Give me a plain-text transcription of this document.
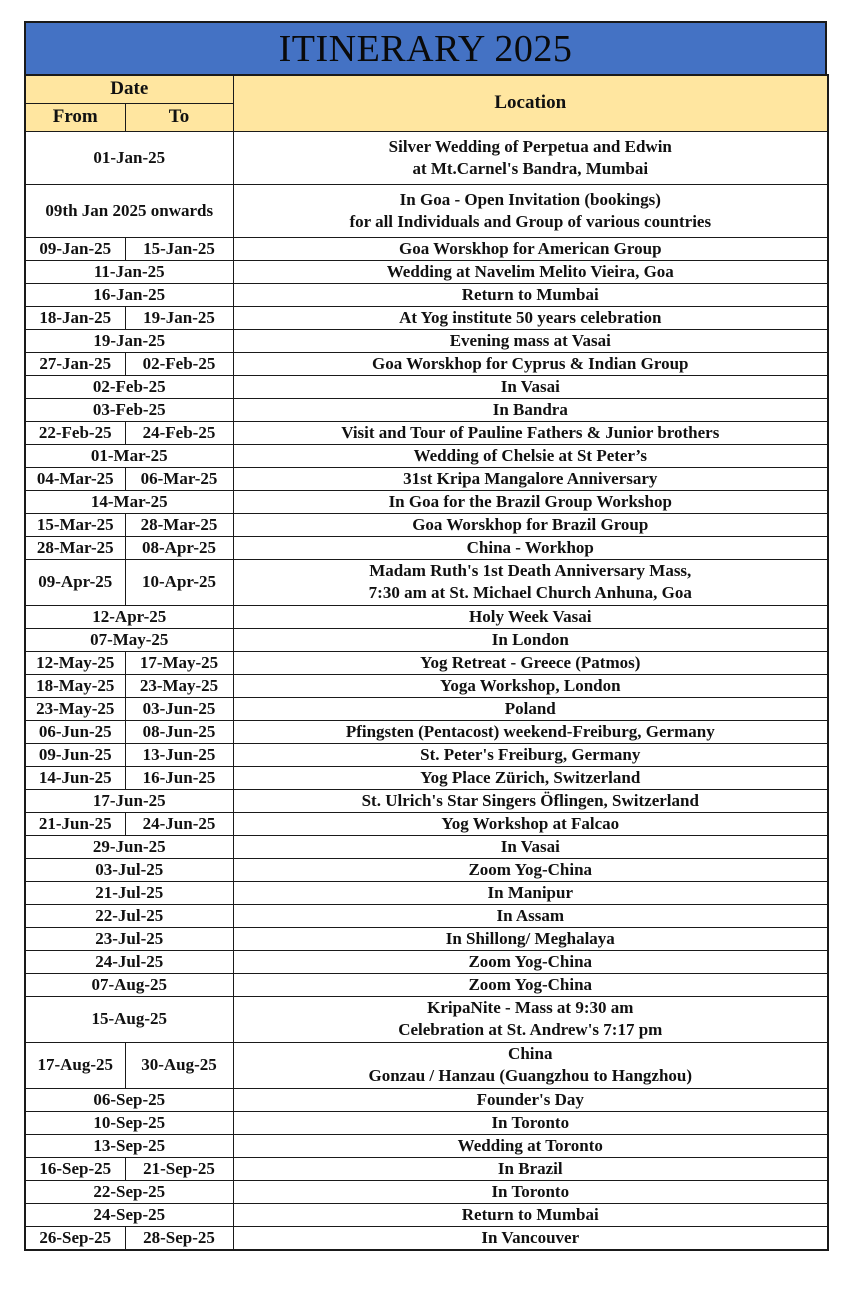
ITINERARY 2025
Date		Location
From	To	
01-Jan-25		Silver Wedding of Perpetua and Edwin
at Mt.Carnel's Bandra, Mumbai

09th Jan 2025 onwards		In Goa - Open Invitation (bookings)
for all Individuals and Group of various countries

09-Jan-25	15-Jan-25	Goa Worskhop for American Group

11-Jan-25		Wedding at Navelim Melito Vieira, Goa

16-Jan-25		Return to Mumbai

18-Jan-25	19-Jan-25	At Yog institute 50 years celebration

19-Jan-25		Evening mass at Vasai

27-Jan-25	02-Feb-25	Goa Worskhop for Cyprus & Indian Group

02-Feb-25		In Vasai

03-Feb-25		In Bandra

22-Feb-25	24-Feb-25	Visit and Tour of Pauline Fathers & Junior brothers

01-Mar-25		Wedding of Chelsie at St Peter’s

04-Mar-25	06-Mar-25	31st Kripa Mangalore Anniversary

14-Mar-25		In Goa for the Brazil Group Workshop

15-Mar-25	28-Mar-25	Goa Worskhop for Brazil Group

28-Mar-25	08-Apr-25	China - Workhop

09-Apr-25	10-Apr-25	Madam Ruth's 1st Death Anniversary Mass,
7:30 am at St. Michael Church Anhuna, Goa

12-Apr-25		Holy Week Vasai

07-May-25		In London

12-May-25	17-May-25	Yog Retreat - Greece (Patmos)

18-May-25	23-May-25	Yoga Workshop, London

23-May-25	03-Jun-25	Poland

06-Jun-25	08-Jun-25	Pfingsten (Pentacost) weekend-Freiburg, Germany

09-Jun-25	13-Jun-25	St. Peter's Freiburg, Germany

14-Jun-25	16-Jun-25	Yog Place Zürich, Switzerland

17-Jun-25		St. Ulrich's Star Singers Öflingen, Switzerland

21-Jun-25	24-Jun-25	Yog Workshop at Falcao

29-Jun-25		In Vasai

03-Jul-25		Zoom Yog-China

21-Jul-25		In Manipur

22-Jul-25		In Assam

23-Jul-25		In Shillong/ Meghalaya

24-Jul-25		Zoom Yog-China

07-Aug-25		Zoom Yog-China

15-Aug-25		KripaNite - Mass at 9:30 am
Celebration at St. Andrew's 7:17 pm

17-Aug-25	30-Aug-25	China
Gonzau / Hanzau (Guangzhou to Hangzhou)

06-Sep-25		Founder's Day

10-Sep-25		In Toronto

13-Sep-25		Wedding at Toronto

16-Sep-25	21-Sep-25	In Brazil

22-Sep-25		In Toronto

24-Sep-25		Return to Mumbai

26-Sep-25	28-Sep-25	In Vancouver
